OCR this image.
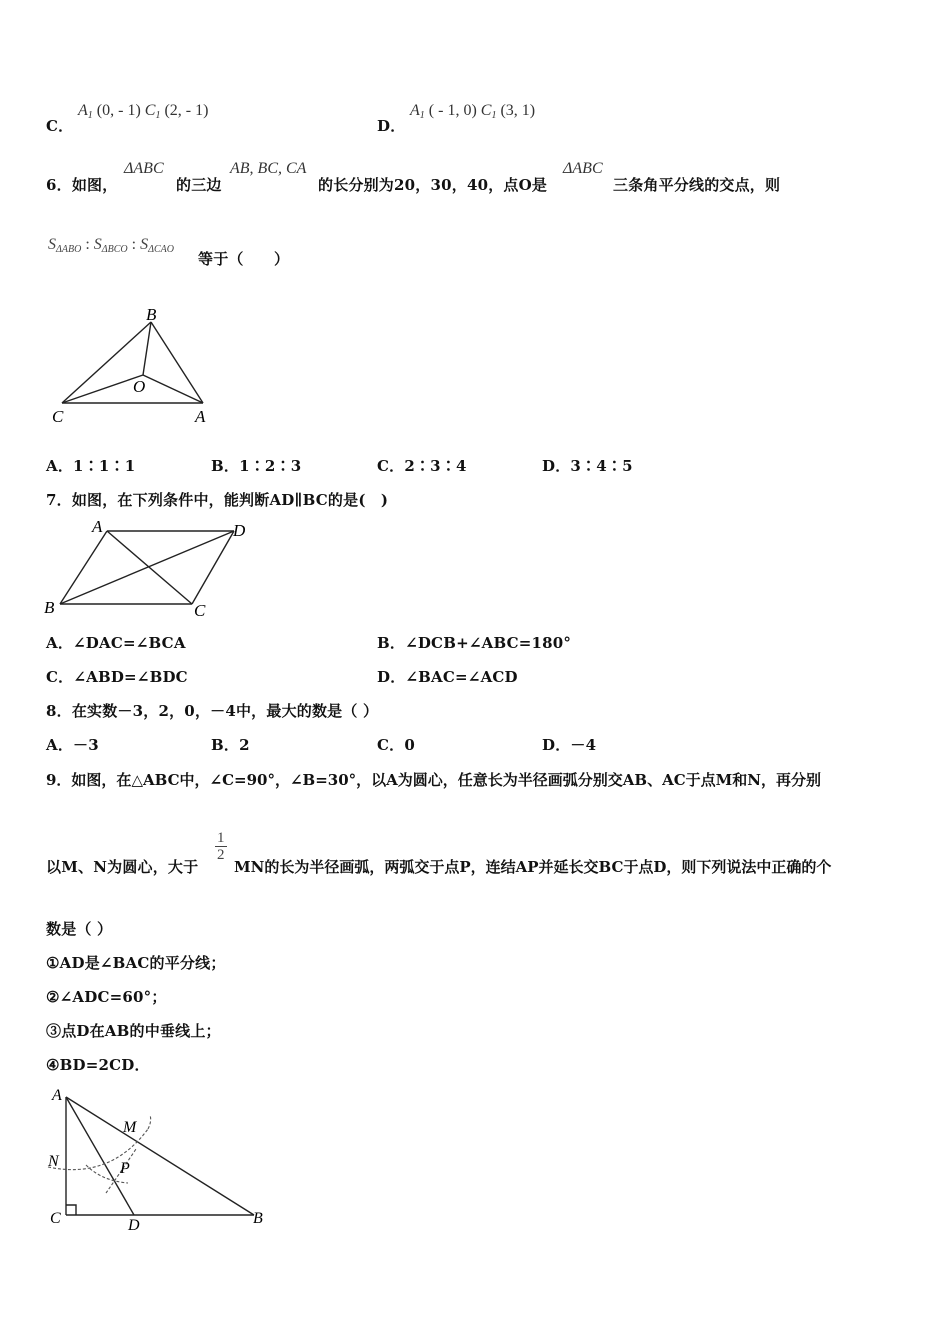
C．
$A_1$ (0, - 1) $C_1$ (2, - 1)
D．
$A_1$ ( - 1, 0) $C_1$ (3, 1)
6．如图，
ΔABC
的三边
AB, BC, CA
的长分别为20，30，40，点O是
ΔABC
三条角平分线的交点，则
$S_{\Delta ABO}$ : $S_{\Delta BCO}$ : $S_{\Delta CAO}$
等于（　　）
B
O
C	A
A．1∶1∶1	B．1∶2∶3	C．2∶3∶4	D．3∶4∶5
7．如图，在下列条件中，能判断AD∥BC的是(　)
A	D
B	C
A．∠DAC=∠BCA	B．∠DCB+∠ABC=180°
C．∠ABD=∠BDC	D．∠BAC=∠ACD
8．在实数－3，2，0，－4中，最大的数是（ ）
A．－3	B．2	C．0	D．－4
9．如图，在△ABC中，∠C=90°，∠B=30°，以A为圆心，任意长为半径画弧分别交AB、AC于点M和N，再分别
以M、N为圆心，大于
$\frac{1}{2}$
MN的长为半径画弧，两弧交于点P，连结AP并延长交BC于点D，则下列说法中正确的个
数是（ ）
①AD是∠BAC的平分线；
②∠ADC=60°；
③点D在AB的中垂线上；
④BD=2CD．
A
M
N	P
C	D	B
